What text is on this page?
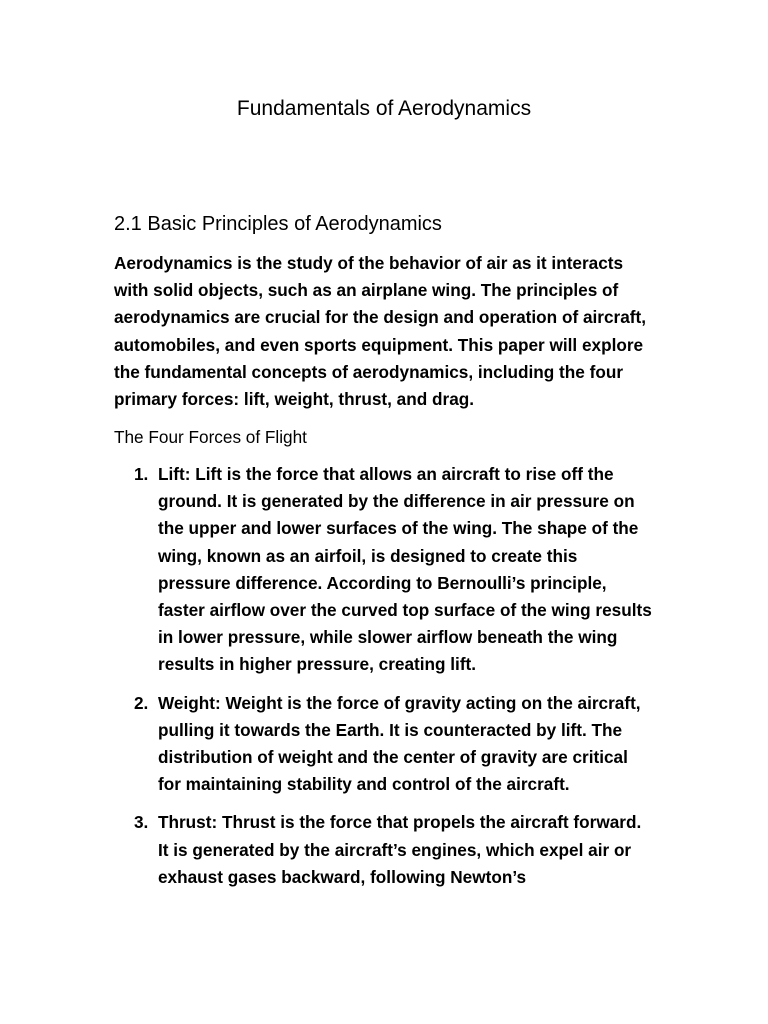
Fundamentals of Aerodynamics
2.1 Basic Principles of Aerodynamics

Aerodynamics is the study of the behavior of air as it interacts with solid objects, such as an airplane wing. The principles of aerodynamics are crucial for the design and operation of aircraft, automobiles, and even sports equipment. This paper will explore the fundamental concepts of aerodynamics, including the four primary forces: lift, weight, thrust, and drag.

The Four Forces of Flight

1. Lift: Lift is the force that allows an aircraft to rise off the ground. It is generated by the difference in air pressure on the upper and lower surfaces of the wing. The shape of the wing, known as an airfoil, is designed to create this pressure difference. According to Bernoulli’s principle, faster airflow over the curved top surface of the wing results in lower pressure, while slower airflow beneath the wing results in higher pressure, creating lift.
2. Weight: Weight is the force of gravity acting on the aircraft, pulling it towards the Earth. It is counteracted by lift. The distribution of weight and the center of gravity are critical for maintaining stability and control of the aircraft.
3. Thrust: Thrust is the force that propels the aircraft forward. It is generated by the aircraft’s engines, which expel air or exhaust gases backward, following Newton’s
